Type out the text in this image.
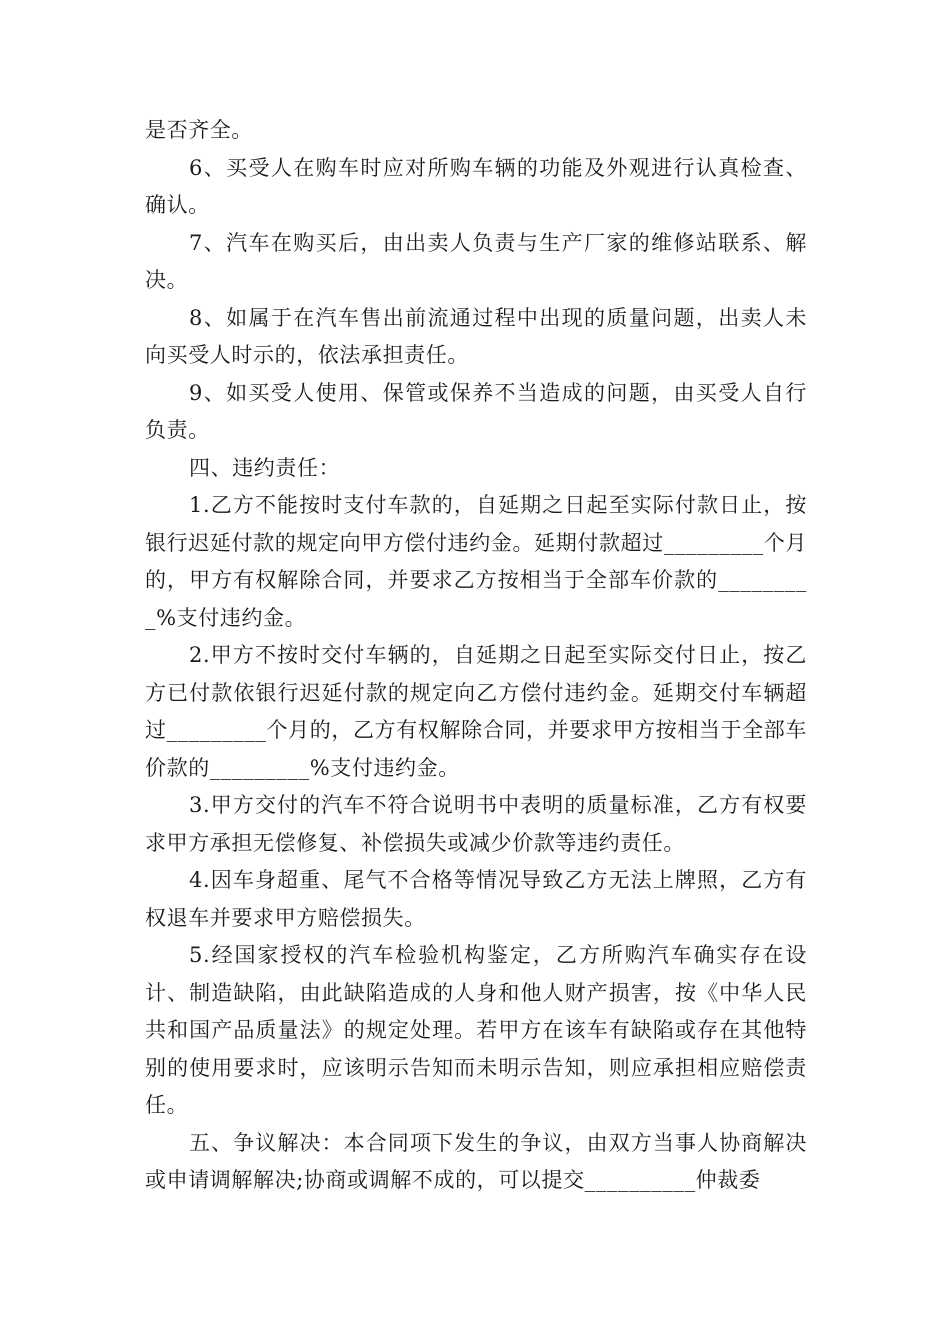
是否齐全。

6、买受人在购车时应对所购车辆的功能及外观进行认真检查、确认。

7、汽车在购买后，由出卖人负责与生产厂家的维修站联系、解决。

8、如属于在汽车售出前流通过程中出现的质量问题，出卖人未向买受人时示的，依法承担责任。

9、如买受人使用、保管或保养不当造成的问题，由买受人自行负责。

四、违约责任：

1.乙方不能按时支付车款的，自延期之日起至实际付款日止，按银行迟延付款的规定向甲方偿付违约金。延期付款超过_________个月的，甲方有权解除合同，并要求乙方按相当于全部车价款的_________%支付违约金。

2.甲方不按时交付车辆的，自延期之日起至实际交付日止，按乙方已付款依银行迟延付款的规定向乙方偿付违约金。延期交付车辆超过_________个月的，乙方有权解除合同，并要求甲方按相当于全部车价款的_________%支付违约金。

3.甲方交付的汽车不符合说明书中表明的质量标准，乙方有权要求甲方承担无偿修复、补偿损失或减少价款等违约责任。

4.因车身超重、尾气不合格等情况导致乙方无法上牌照，乙方有权退车并要求甲方赔偿损失。

5.经国家授权的汽车检验机构鉴定，乙方所购汽车确实存在设计、制造缺陷，由此缺陷造成的人身和他人财产损害，按《中华人民共和国产品质量法》的规定处理。若甲方在该车有缺陷或存在其他特别的使用要求时，应该明示告知而未明示告知，则应承担相应赔偿责任。

五、争议解决：本合同项下发生的争议，由双方当事人协商解决或申请调解解决;协商或调解不成的，可以提交__________仲裁委
